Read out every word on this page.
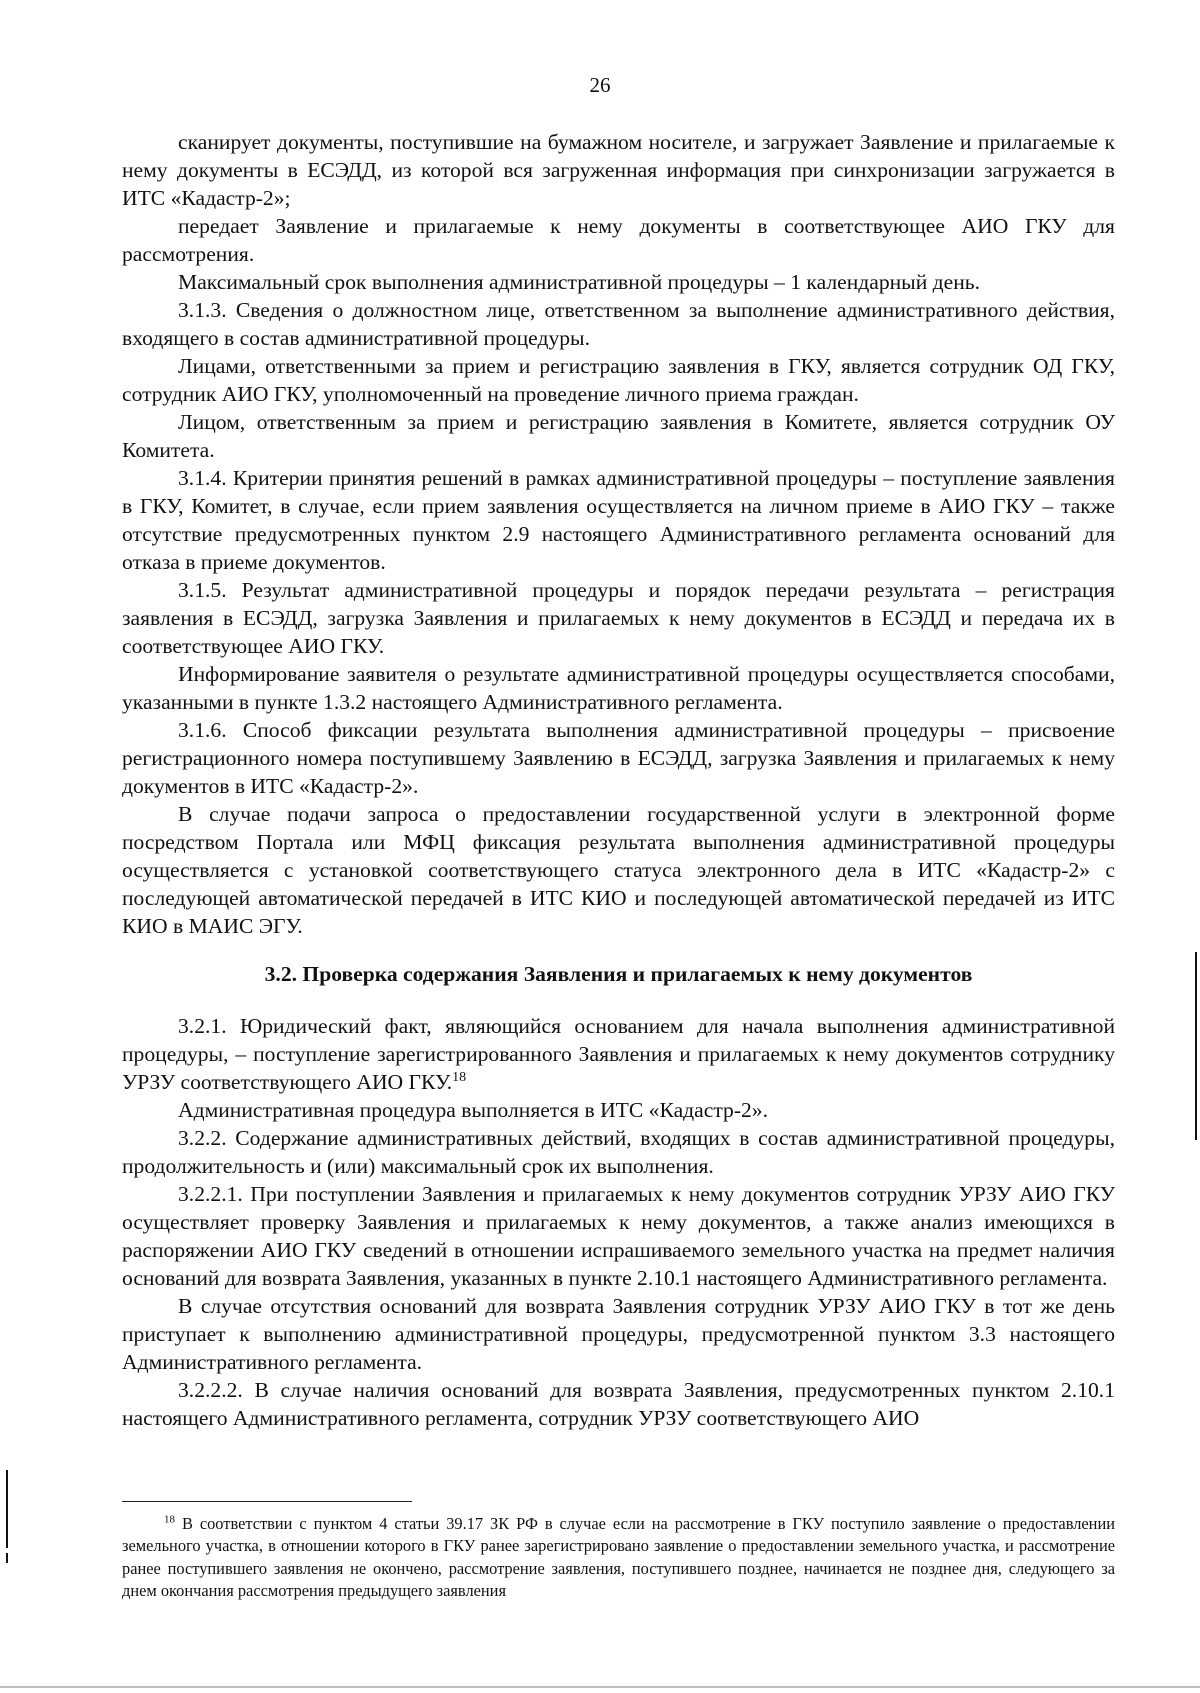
26

сканирует документы, поступившие на бумажном носителе, и загружает Заявление и прилагаемые к нему документы в ЕСЭДД, из которой вся загруженная информация при синхронизации загружается в ИТС «Кадастр-2»;

передает Заявление и прилагаемые к нему документы в соответствующее АИО ГКУ для рассмотрения.

Максимальный срок выполнения административной процедуры – 1 календарный день.

3.1.3. Сведения о должностном лице, ответственном за выполнение административного действия, входящего в состав административной процедуры.

Лицами, ответственными за прием и регистрацию заявления в ГКУ, является сотрудник ОД ГКУ, сотрудник АИО ГКУ, уполномоченный на проведение личного приема граждан.

Лицом, ответственным за прием и регистрацию заявления в Комитете, является сотрудник ОУ Комитета.

3.1.4. Критерии принятия решений в рамках административной процедуры – поступление заявления в ГКУ, Комитет, в случае, если прием заявления осуществляется на личном приеме в АИО ГКУ – также отсутствие предусмотренных пунктом 2.9 настоящего Административного регламента оснований для отказа в приеме документов.

3.1.5. Результат административной процедуры и порядок передачи результата – регистрация заявления в ЕСЭДД, загрузка Заявления и прилагаемых к нему документов в ЕСЭДД и передача их в соответствующее АИО ГКУ.

Информирование заявителя о результате административной процедуры осуществляется способами, указанными в пункте 1.3.2 настоящего Административного регламента.

3.1.6. Способ фиксации результата выполнения административной процедуры – присвоение регистрационного номера поступившему Заявлению в ЕСЭДД, загрузка Заявления и прилагаемых к нему документов в ИТС «Кадастр-2».

В случае подачи запроса о предоставлении государственной услуги в электронной форме посредством Портала или МФЦ фиксация результата выполнения административной процедуры осуществляется с установкой соответствующего статуса электронного дела в ИТС «Кадастр-2» с последующей автоматической передачей в ИТС КИО и последующей автоматической передачей из ИТС КИО в МАИС ЭГУ.

3.2. Проверка содержания Заявления и прилагаемых к нему документов

3.2.1. Юридический факт, являющийся основанием для начала выполнения административной процедуры, – поступление зарегистрированного Заявления и прилагаемых к нему документов сотруднику УРЗУ соответствующего АИО ГКУ.$^{18}$

Административная процедура выполняется в ИТС «Кадастр-2».

3.2.2. Содержание административных действий, входящих в состав административной процедуры, продолжительность и (или) максимальный срок их выполнения.

3.2.2.1. При поступлении Заявления и прилагаемых к нему документов сотрудник УРЗУ АИО ГКУ осуществляет проверку Заявления и прилагаемых к нему документов, а также анализ имеющихся в распоряжении АИО ГКУ сведений в отношении испрашиваемого земельного участка на предмет наличия оснований для возврата Заявления, указанных в пункте 2.10.1 настоящего Административного регламента.

В случае отсутствия оснований для возврата Заявления сотрудник УРЗУ АИО ГКУ в тот же день приступает к выполнению административной процедуры, предусмотренной пунктом 3.3 настоящего Административного регламента.

3.2.2.2. В случае наличия оснований для возврата Заявления, предусмотренных пунктом 2.10.1 настоящего Административного регламента, сотрудник УРЗУ соответствующего АИО

$^{18}$ В соответствии с пунктом 4 статьи 39.17 ЗК РФ в случае если на рассмотрение в ГКУ поступило заявление о предоставлении земельного участка, в отношении которого в ГКУ ранее зарегистрировано заявление о предоставлении земельного участка, и рассмотрение ранее поступившего заявления не окончено, рассмотрение заявления, поступившего позднее, начинается не позднее дня, следующего за днем окончания рассмотрения предыдущего заявления
